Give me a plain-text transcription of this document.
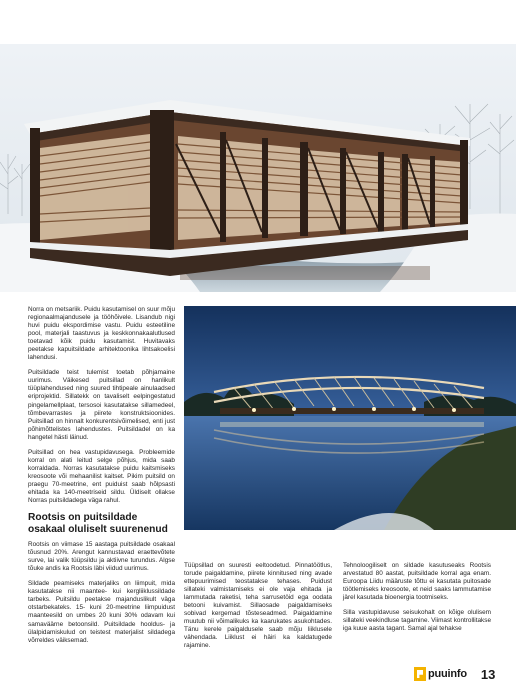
Norra on metsariik. Puidu kasutamisel on suur mõju regionaalmajandusele ja tööhõivele. Lisandub nigi huvi puidu ekspordimise vastu. Puidu esteetiline pool, materjali taastuvus ja keskkonnakaalutlused toetavad kõik puidu kasutamist. Huvitavaks peetakse kapuitsildade arhitektoonika lihtsakoelisi lahendusi.

Puitsildade teist tulemist toetab põhjamaine uurimus. Väikesed puitsillad on hanlikult tüüplahendused ning suured tihtipeale ainulaadsed eriprojektid. Sillatekk on tavaliselt eelpingestatud pingelamellplaat, tersosoi kasutatakse sillamedeel, tõmbevarrastes ja piirete konstruktsioonides. Puitsillad on hinnalt konkurentsivõimelised, enti just põhimõttelistes lahendustes. Puitsildadel on ka hangetel hästi läinud.

Puitsillad on hea vastupidavusega. Probleemide korral on alati leitud selge põhjus, mida saab korraldada. Norras kasutatakse puidu kaitsmiseks kreosoote või mehaanilist kaitset. Pikim puitsild on praegu 70-meetrine, ent puiduist saab hõlpsasti ehitada ka 140-meetriseid sildu. Üldiselt ollakse Norras puitsildadega väga rahul.

Rootsis on puitsildade osakaal oluliselt suurenenud

Rootsis on viimase 15 aastaga puitsildade osakaal tõusnud 20%. Arengut kannustavad eraettevõtete surve, lai valik tüüpsildu ja aktiivne turundus. Algse tõuke andis ka Rootsis läbi viidud uurimus.

Sildade peamiseks materjaliks on liimpuit, mida kasutatakse nii maantee- kui kergliiklussildade tarbeks. Puitsildu peetakse majanduslikult väga otstarbekateks. 15- kuni 20-meetrine liimpuidust maanteesild on umbes 20 kuni 30% odavam kui samaväärne betoonsild. Puitsildade hooldus- ja ülalpidamiskulud on teistest materjalist sildadega võrreldes väiksemad.

Tüüpsillad on suuresti eeltoodetud. Pinnatöötlus, torude paigaldamine, piirete kinnitused ning avade ettepuurimised teostatakse tehases. Puidust sillateki valmistamiseks ei ole vaja ehitada ja lammutada raketisi, teha sarrusetöid ega oodata betooni kuivamist. Sillaosade paigaldamiseks sobivad kergemad tõsteseadmed. Paigaldamine muutub nii võimalikuks ka kaarukates asukohtades. Tänu kerele paigaldusele saab mõju liiklusele vähendada. Liiklust ei häiri ka kaldatugede rajamine.

Tehnoloogiliselt on sildade kasutuseaks Rootsis arvestatud 80 aastat, puitsildade korral aga enam. Euroopa Liidu määruste tõttu ei kasutata puitosade töötlemiseks kreosoote, et neid saaks lammutamise järel kasutada bioenergia tootmiseks.

Silla vastupidavuse seisukohalt on kõige olulisem sillateki veekindluse tagamine. Viimast kontrollitakse iga kuue aasta tagant. Samal ajal tehakse

puuinfo 13
